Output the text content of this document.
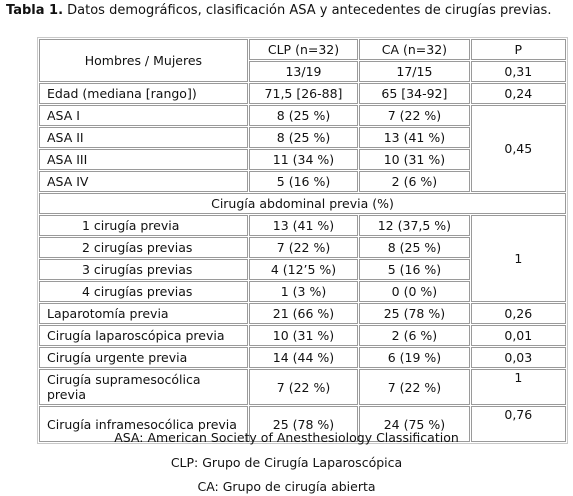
Tabla 1. Datos demográficos, clasificación ASA y antecedentes de cirugías previas.
Hombres / Mujeres	CLP (n=32)	CA (n=32)	P
	13/19	17/15	0,31
Edad (mediana [rango])	71,5 [26-88]	65 [34-92]	0,24
ASA I	8 (25 %)	7 (22 %)	0,45
ASA II	8 (25 %)	13 (41 %)	
ASA III	11 (34 %)	10 (31 %)	
ASA IV	5 (16 %)	2 (6 %)	
Cirugía abdominal previa (%)			
1 cirugía previa	13 (41 %)	12 (37,5 %)	1
2 cirugías previas	7 (22 %)	8 (25 %)	
3 cirugías previas	4 (12’5 %)	5 (16 %)	
4 cirugías previas	1 (3 %)	0 (0 %)	
Laparotomía previa	21 (66 %)	25 (78 %)	0,26
Cirugía laparoscópica previa	10 (31 %)	2 (6 %)	0,01
Cirugía urgente previa	14 (44 %)	6 (19 %)	0,03
Cirugía supramesocólica previa	7 (22 %)	7 (22 %)	1
Cirugía inframesocólica previa	25 (78 %)	24 (75 %)	0,76
ASA: American Society of Anesthesiology Classification
CLP: Grupo de Cirugía Laparoscópica
CA: Grupo de cirugía abierta
